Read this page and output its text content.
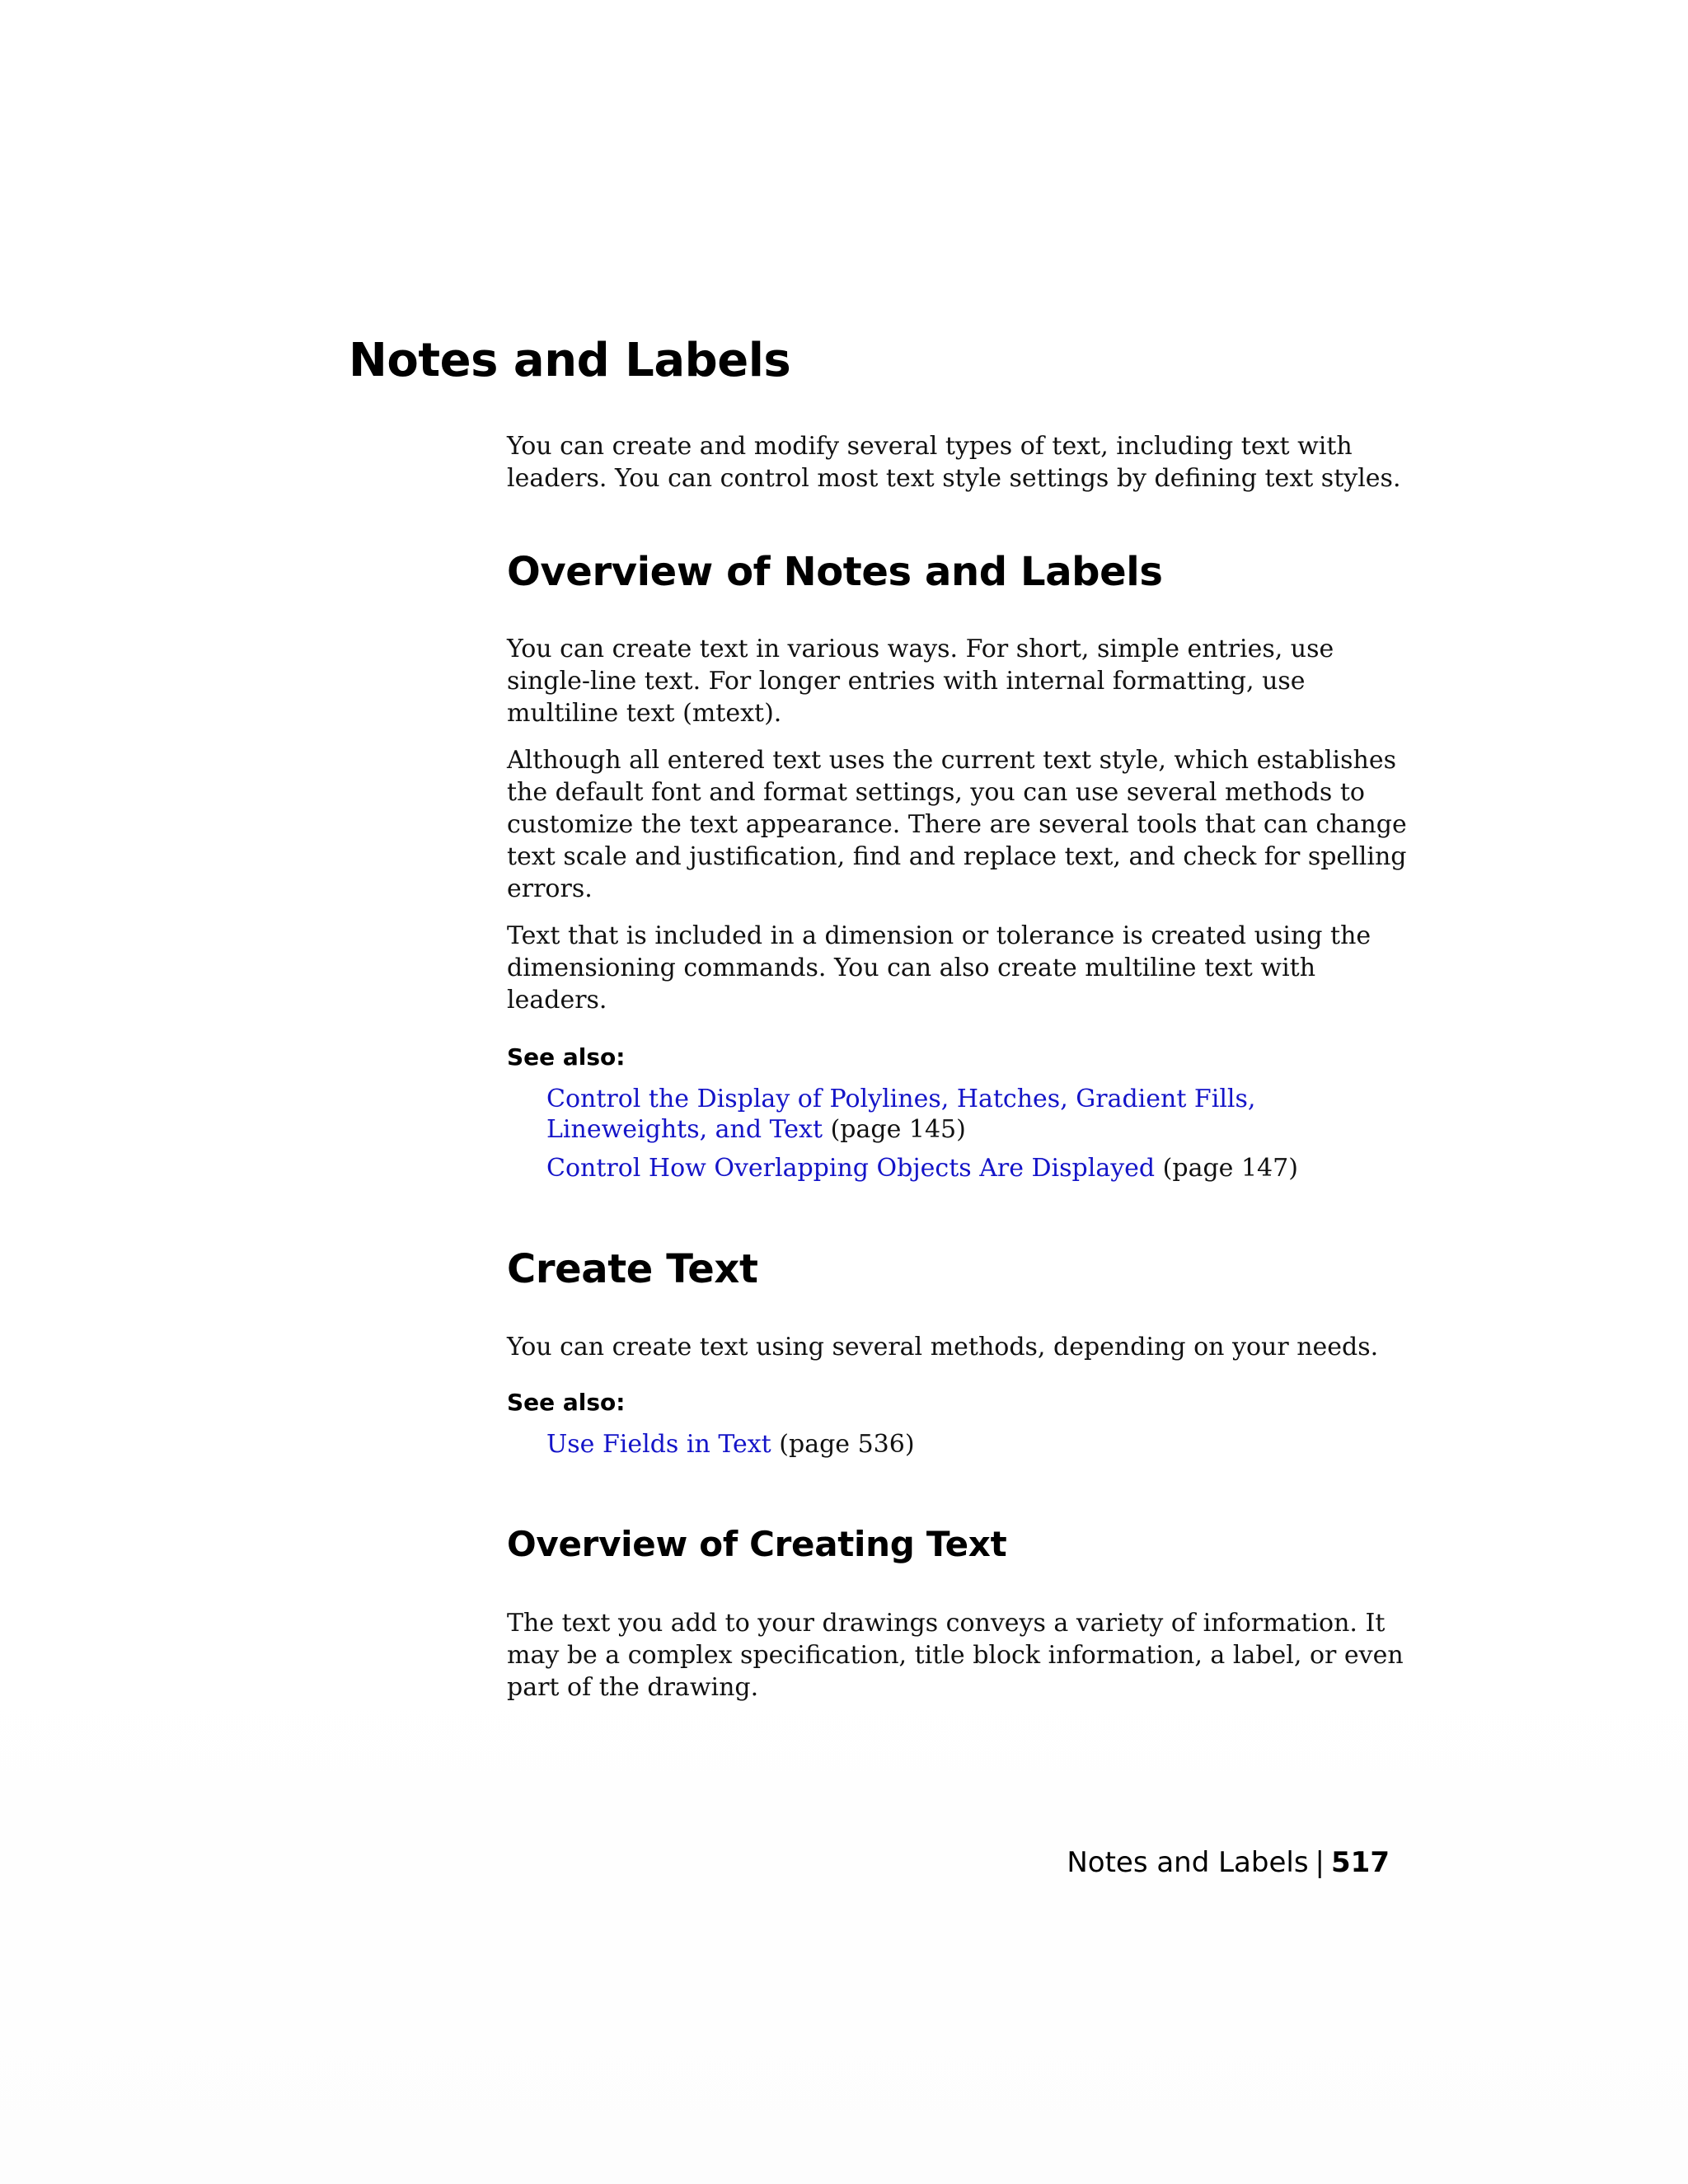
Notes and Labels

You can create and modify several types of text, including text with leaders. You can control most text style settings by defining text styles.

Overview of Notes and Labels

You can create text in various ways. For short, simple entries, use single-line text. For longer entries with internal formatting, use multiline text (mtext).

Although all entered text uses the current text style, which establishes the default font and format settings, you can use several methods to customize the text appearance. There are several tools that can change text scale and justification, find and replace text, and check for spelling errors.

Text that is included in a dimension or tolerance is created using the dimensioning commands. You can also create multiline text with leaders.

See also:

Control the Display of Polylines, Hatches, Gradient Fills, Lineweights, and Text (page 145)
Control How Overlapping Objects Are Displayed (page 147)
Create Text

You can create text using several methods, depending on your needs.

See also:

Use Fields in Text (page 536)
Overview of Creating Text

The text you add to your drawings conveys a variety of information. It may be a complex specification, title block information, a label, or even part of the drawing.

Notes and Labels | 517
